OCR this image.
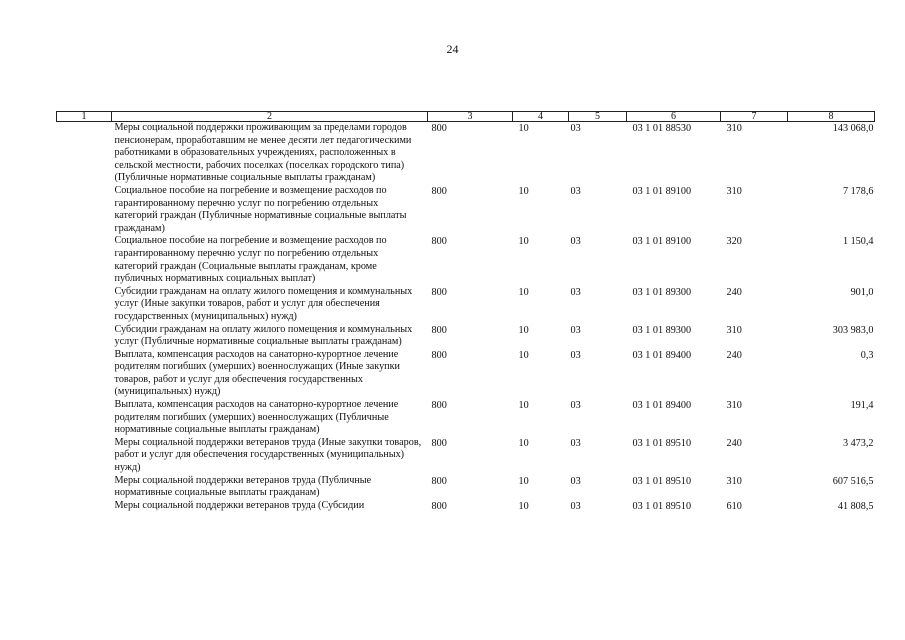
24
1	2	3	4	5	6	7	8
	Меры социальной поддержки проживающим за пределами городов пенсионерам, проработавшим не менее десяти лет педагогическими работниками в образовательных учреждениях, расположенных в сельской местности, рабочих поселках (поселках городского типа) (Публичные нормативные социальные выплаты гражданам)	800	10	03	03 1 01 88530	310	143 068,0
	Социальное пособие на погребение и возмещение расходов по гарантированному перечню услуг по погребению отдельных категорий граждан (Публичные нормативные социальные выплаты гражданам)	800	10	03	03 1 01 89100	310	7 178,6
	Социальное пособие на погребение и возмещение расходов по гарантированному перечню услуг по погребению отдельных категорий граждан (Социальные выплаты гражданам, кроме публичных нормативных социальных выплат)	800	10	03	03 1 01 89100	320	1 150,4
	Субсидии гражданам на оплату жилого помещения и коммунальных услуг (Иные закупки товаров, работ и услуг для обеспечения государственных (муниципальных) нужд)	800	10	03	03 1 01 89300	240	901,0
	Субсидии гражданам на оплату жилого помещения и коммунальных услуг (Публичные нормативные социальные выплаты гражданам)	800	10	03	03 1 01 89300	310	303 983,0
	Выплата, компенсация расходов на санаторно-курортное лечение родителям погибших (умерших) военнослужащих (Иные закупки товаров, работ и услуг для обеспечения государственных (муниципальных) нужд)	800	10	03	03 1 01 89400	240	0,3
	Выплата, компенсация расходов на санаторно-курортное лечение родителям погибших (умерших) военнослужащих (Публичные нормативные социальные выплаты гражданам)	800	10	03	03 1 01 89400	310	191,4
	Меры социальной поддержки ветеранов труда (Иные закупки товаров, работ и услуг для обеспечения государственных (муниципальных) нужд)	800	10	03	03 1 01 89510	240	3 473,2
	Меры социальной поддержки ветеранов труда (Публичные нормативные социальные выплаты гражданам)	800	10	03	03 1 01 89510	310	607 516,5
	Меры социальной поддержки ветеранов труда (Субсидии	800	10	03	03 1 01 89510	610	41 808,5
